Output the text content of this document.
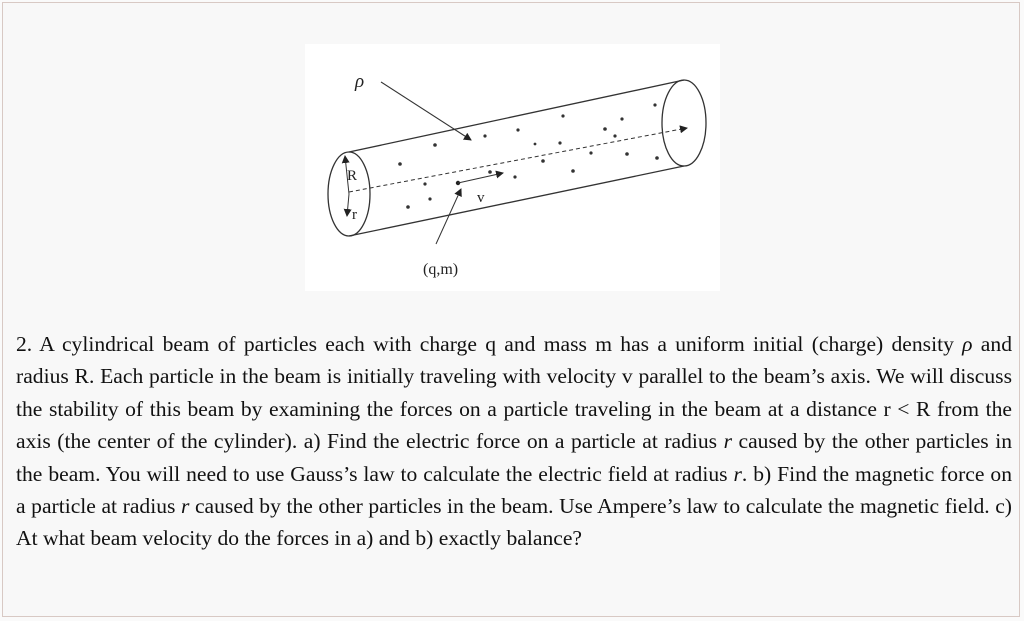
ρ
R
r
v
(q,m)

2. A cylindrical beam of particles each with charge q and mass m has a uniform initial (charge) density ρ and radius R. Each particle in the beam is initially traveling with velocity v parallel to the beam’s axis. We will discuss the stability of this beam by examining the forces on a particle traveling in the beam at a distance r < R from the axis (the center of the cylinder). a) Find the electric force on a particle at radius r caused by the other particles in the beam. You will need to use Gauss’s law to calculate the electric field at radius r. b) Find the magnetic force on a particle at radius r caused by the other particles in the beam. Use Ampere’s law to calculate the magnetic field. c) At what beam velocity do the forces in a) and b) exactly balance?
